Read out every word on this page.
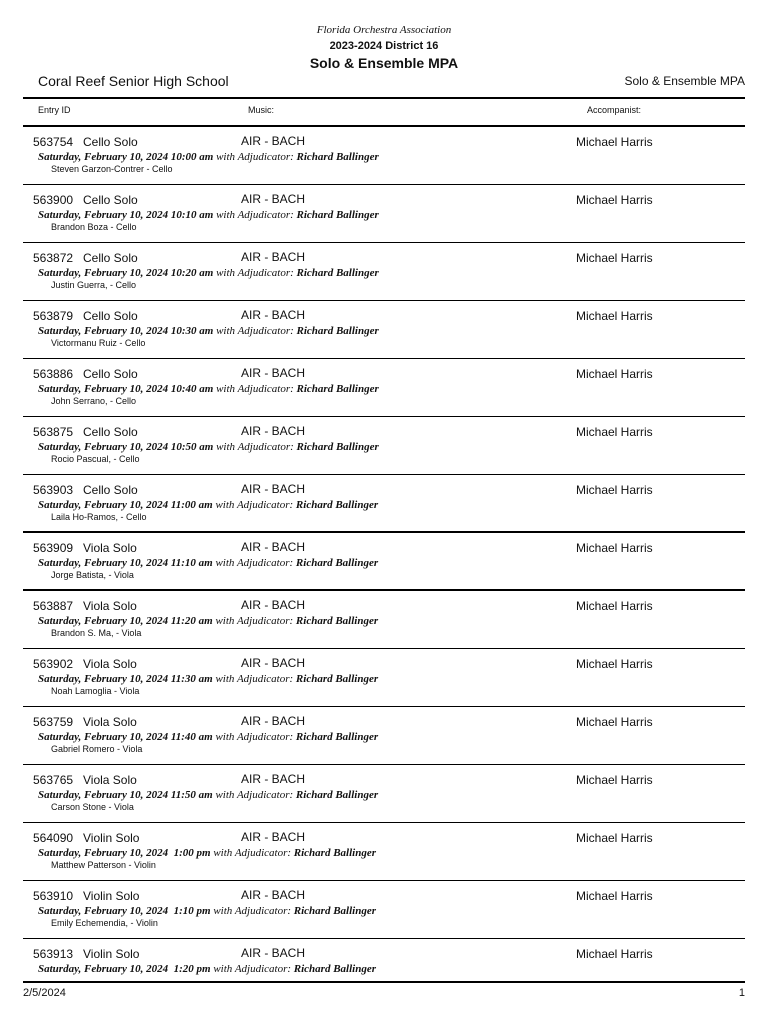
Florida Orchestra Association
2023-2024 District 16
Solo & Ensemble MPA
Coral Reef Senior High School	Solo & Ensemble MPA
Entry ID	Music:	Accompanist:
563754 Cello Solo	AIR - BACH	Michael Harris
Saturday, February 10, 2024 10:00 am with Adjudicator: Richard Ballinger
Steven Garzon-Contrer - Cello
563900 Cello Solo	AIR - BACH	Michael Harris
Saturday, February 10, 2024 10:10 am with Adjudicator: Richard Ballinger
Brandon Boza - Cello
563872 Cello Solo	AIR - BACH	Michael Harris
Saturday, February 10, 2024 10:20 am with Adjudicator: Richard Ballinger
Justin Guerra, - Cello
563879 Cello Solo	AIR - BACH	Michael Harris
Saturday, February 10, 2024 10:30 am with Adjudicator: Richard Ballinger
Victormanu Ruiz - Cello
563886 Cello Solo	AIR - BACH	Michael Harris
Saturday, February 10, 2024 10:40 am with Adjudicator: Richard Ballinger
John Serrano, - Cello
563875 Cello Solo	AIR - BACH	Michael Harris
Saturday, February 10, 2024 10:50 am with Adjudicator: Richard Ballinger
Rocio Pascual, - Cello
563903 Cello Solo	AIR - BACH	Michael Harris
Saturday, February 10, 2024 11:00 am with Adjudicator: Richard Ballinger
Laila Ho-Ramos, - Cello
563909 Viola Solo	AIR - BACH	Michael Harris
Saturday, February 10, 2024 11:10 am with Adjudicator: Richard Ballinger
Jorge Batista, - Viola
563887 Viola Solo	AIR - BACH	Michael Harris
Saturday, February 10, 2024 11:20 am with Adjudicator: Richard Ballinger
Brandon S. Ma, - Viola
563902 Viola Solo	AIR - BACH	Michael Harris
Saturday, February 10, 2024 11:30 am with Adjudicator: Richard Ballinger
Noah Lamoglia - Viola
563759 Viola Solo	AIR - BACH	Michael Harris
Saturday, February 10, 2024 11:40 am with Adjudicator: Richard Ballinger
Gabriel Romero - Viola
563765 Viola Solo	AIR - BACH	Michael Harris
Saturday, February 10, 2024 11:50 am with Adjudicator: Richard Ballinger
Carson Stone - Viola
564090 Violin Solo	AIR - BACH	Michael Harris
Saturday, February 10, 2024  1:00 pm with Adjudicator: Richard Ballinger
Matthew Patterson - Violin
563910 Violin Solo	AIR - BACH	Michael Harris
Saturday, February 10, 2024  1:10 pm with Adjudicator: Richard Ballinger
Emily Echemendia, - Violin
563913 Violin Solo	AIR - BACH	Michael Harris
Saturday, February 10, 2024  1:20 pm with Adjudicator: Richard Ballinger
2/5/2024	1
